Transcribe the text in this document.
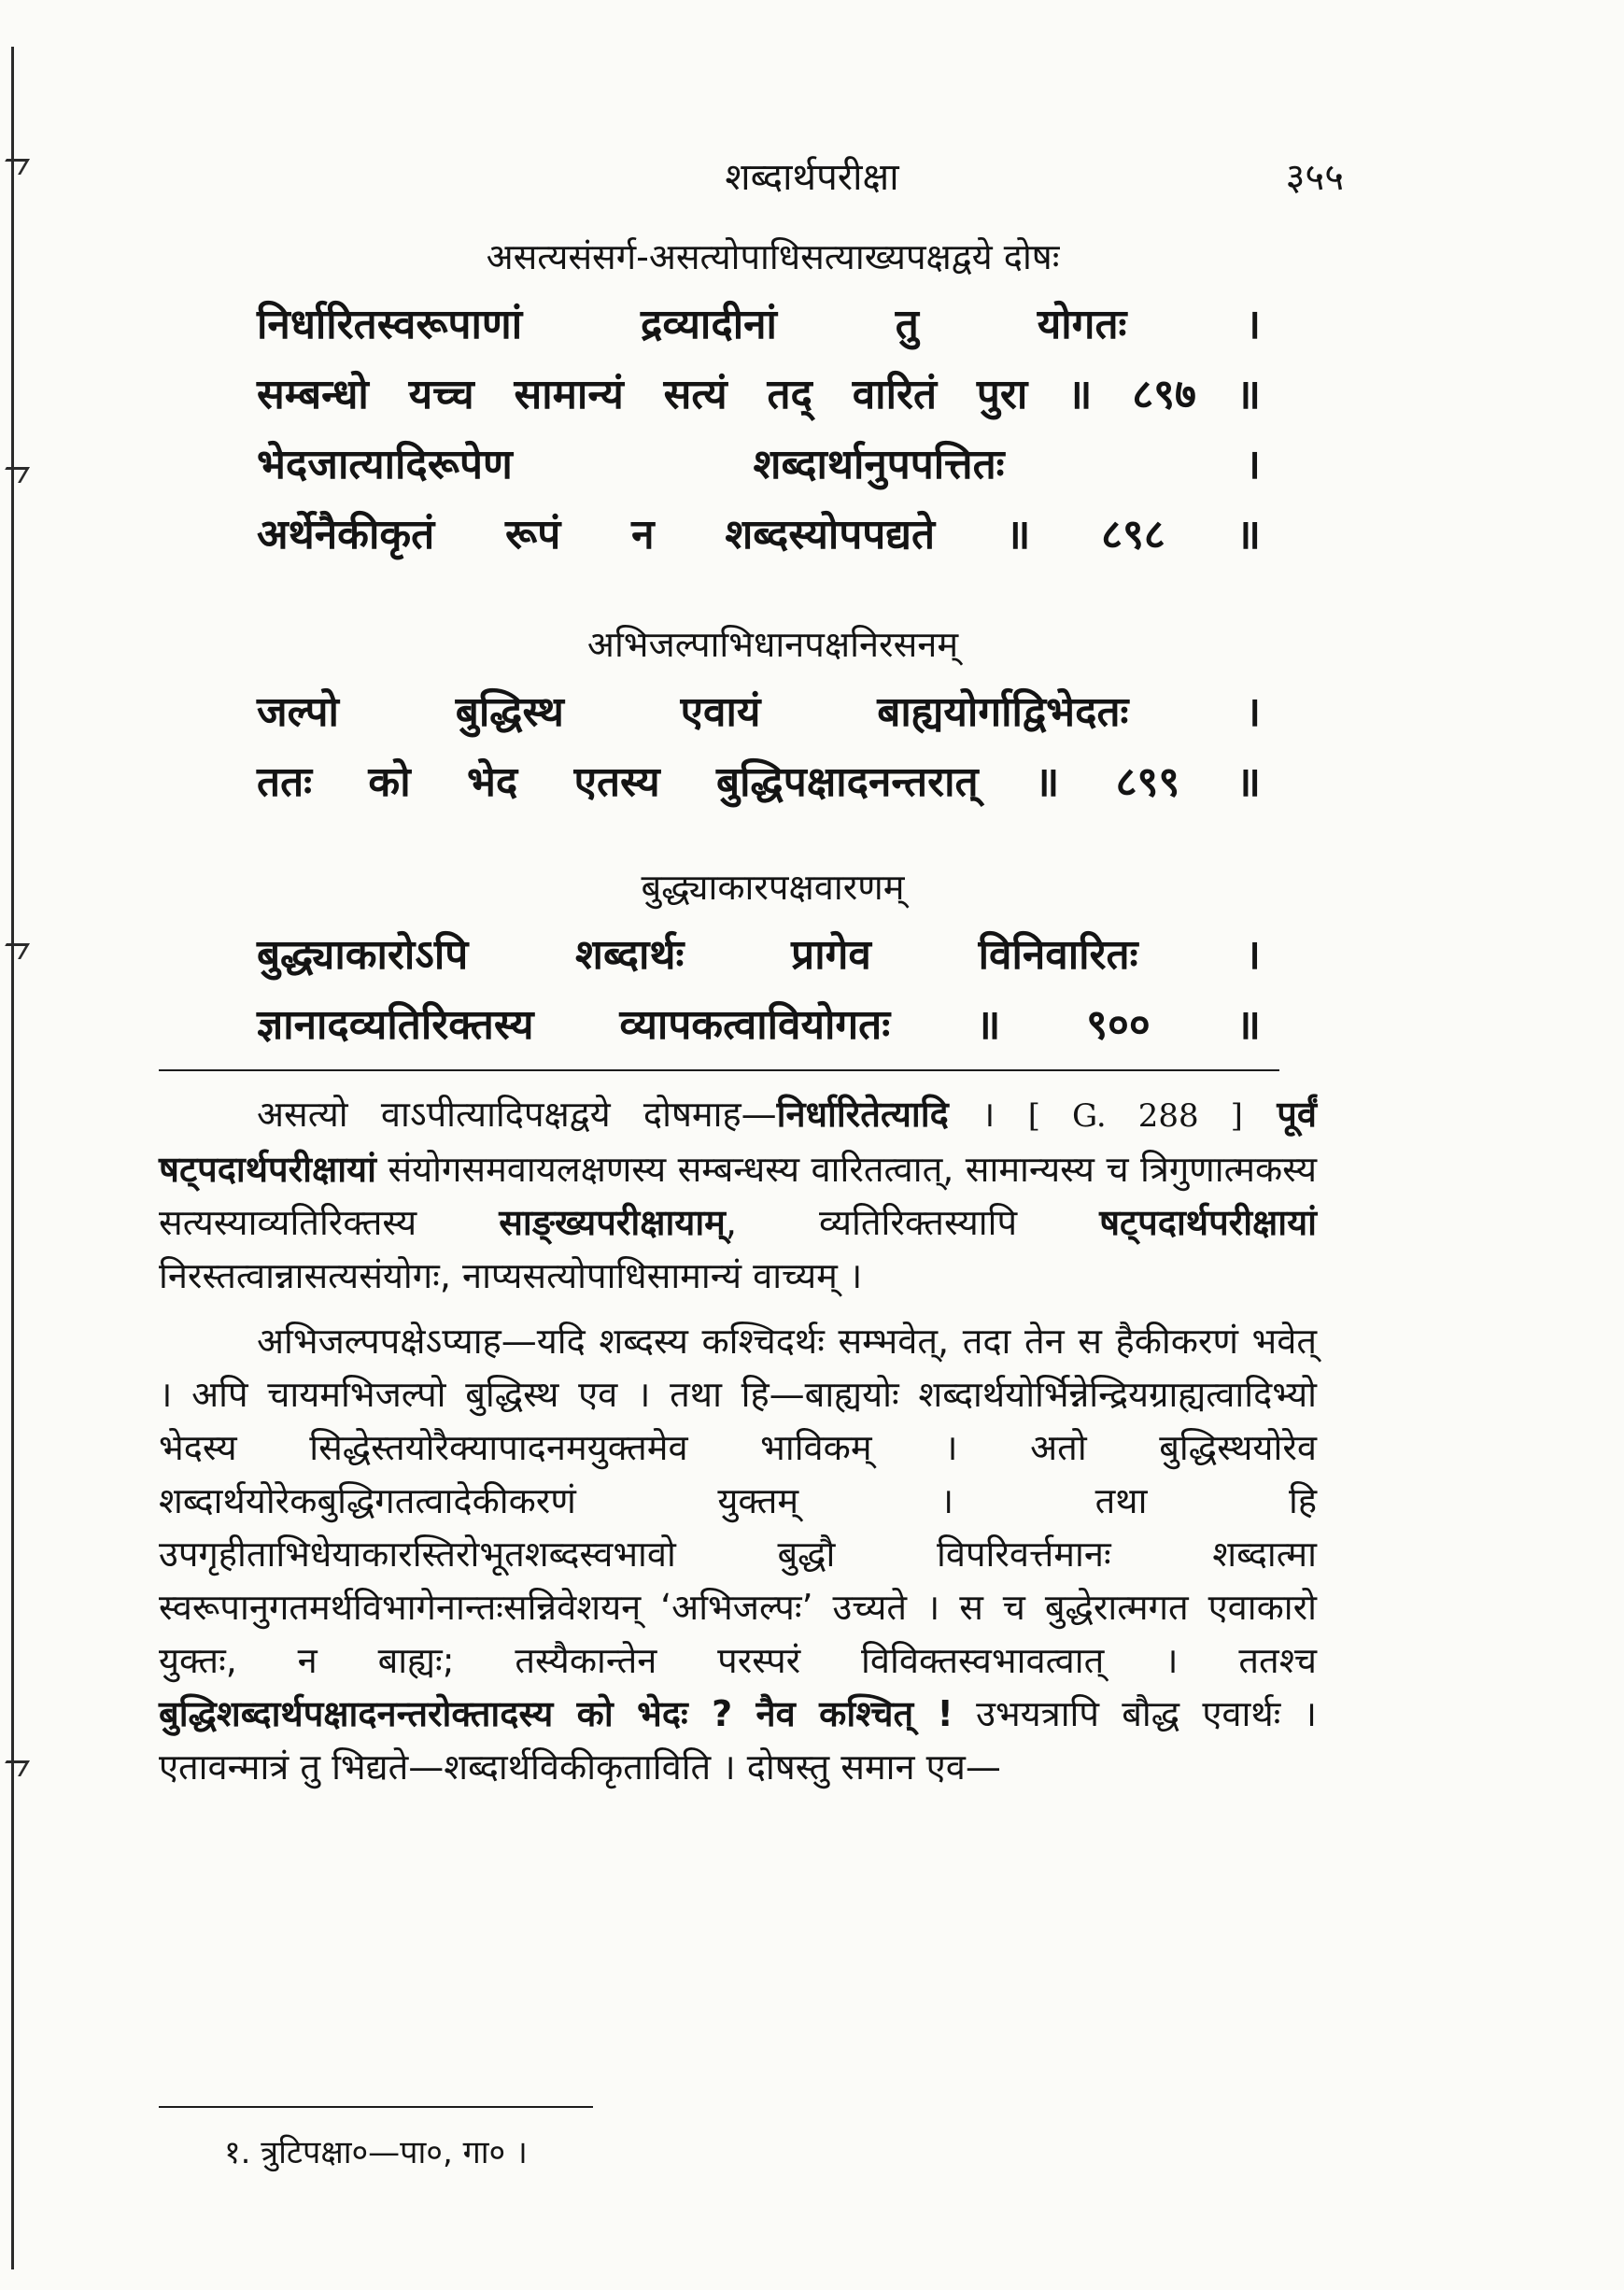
शब्दार्थपरीक्षा	३५५
असत्यसंसर्ग-असत्योपाधिसत्याख्यपक्षद्वये दोषः
निर्धारितस्वरूपाणां द्रव्यादीनां तु योगतः ।
सम्बन्धो यच्च सामान्यं सत्यं तद् वारितं पुरा ॥ ८९७ ॥
भेदजात्यादिरूपेण शब्दार्थानुपपत्तितः ।
अर्थेनैकीकृतं रूपं न शब्दस्योपपद्यते ॥ ८९८ ॥
अभिजल्पाभिधानपक्षनिरसनम्
जल्पो बुद्धिस्थ एवायं बाह्ययोर्गाद्विभेदतः ।
ततः को भेद एतस्य बुद्धिपक्षादनन्तरात् ॥ ८९९ ॥
बुद्ध्याकारपक्षवारणम्
बुद्ध्याकारोऽपि शब्दार्थः प्रागेव विनिवारितः ।
ज्ञानादव्यतिरिक्तस्य व्यापकत्वावियोगतः ॥ ९०० ॥

असत्यो वाऽपीत्यादिपक्षद्वये दोषमाह—निर्धारितेत्यादि । [ G. 288 ] पूर्वं षट्पदार्थपरीक्षायां संयोगसमवायलक्षणस्य सम्बन्धस्य वारितत्वात्, सामान्यस्य च त्रिगुणात्मकस्य सत्यस्याव्यतिरिक्तस्य साङ्ख्यपरीक्षायाम्, व्यतिरिक्तस्यापि षट्पदार्थपरीक्षायां निरस्तत्वान्नासत्यसंयोगः, नाप्यसत्योपाधिसामान्यं वाच्यम् ।

अभिजल्पपक्षेऽप्याह—यदि शब्दस्य कश्चिदर्थः सम्भवेत्, तदा तेन स हैकीकरणं भवेत् । अपि चायमभिजल्पो बुद्धिस्थ एव । तथा हि—बाह्ययोः शब्दार्थयोर्भिन्नेन्द्रियग्राह्यत्वादिभ्यो भेदस्य सिद्धेस्तयोरैक्यापादनमयुक्तमेव भाविकम् । अतो बुद्धिस्थयोरेव शब्दार्थयोरेकबुद्धिगतत्वादेकीकरणं युक्तम् । तथा हि उपगृहीताभिधेयाकारस्तिरोभूतशब्दस्वभावो बुद्धौ विपरिवर्त्तमानः शब्दात्मा स्वरूपानुगतमर्थविभागेनान्तःसन्निवेशयन् ‘अभिजल्पः’ उच्यते । स च बुद्धेरात्मगत एवाकारो युक्तः, न बाह्यः; तस्यैकान्तेन परस्परं विविक्तस्वभावत्वात् । ततश्च बुद्धिशब्दार्थपक्षादनन्तरोक्तादस्य को भेदः ? नैव कश्चित् ! उभयत्रापि बौद्ध एवार्थः । एतावन्मात्रं तु भिद्यते—शब्दार्थविकीकृताविति । दोषस्तु समान एव—

१. त्रुटिपक्षा०—पा०, गा० ।
